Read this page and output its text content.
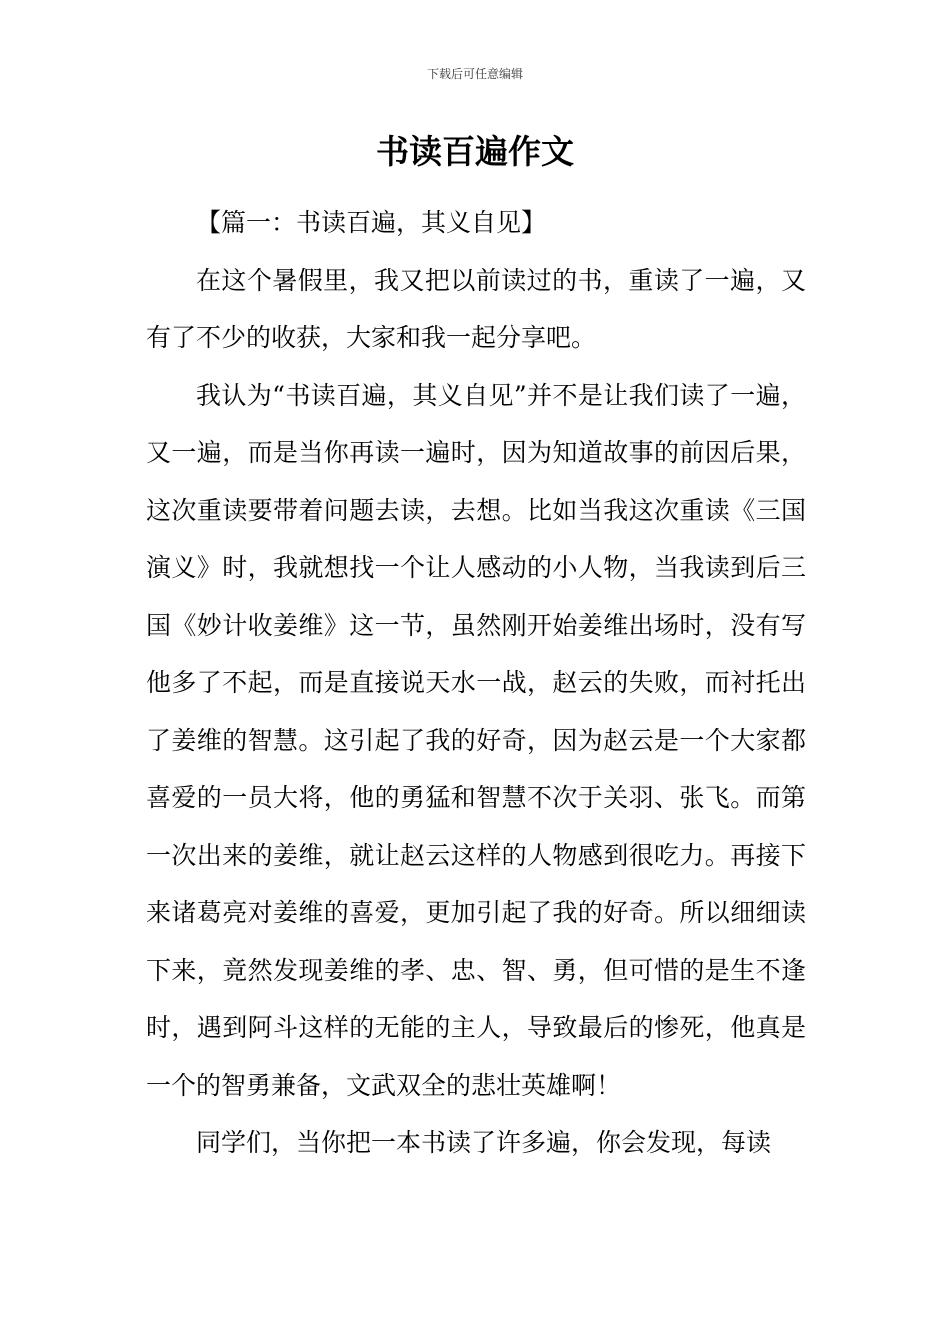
下载后可任意编辑
书读百遍作文

【篇一：书读百遍，其义自见】

在这个暑假里，我又把以前读过的书，重读了一遍，又有了不少的收获，大家和我一起分享吧。

我认为“书读百遍，其义自见”并不是让我们读了一遍，又一遍，而是当你再读一遍时，因为知道故事的前因后果，这次重读要带着问题去读，去想。比如当我这次重读《三国演义》时，我就想找一个让人感动的小人物，当我读到后三国《妙计收姜维》这一节，虽然刚开始姜维出场时，没有写他多了不起，而是直接说天水一战，赵云的失败，而衬托出了姜维的智慧。这引起了我的好奇，因为赵云是一个大家都喜爱的一员大将，他的勇猛和智慧不次于关羽、张飞。而第一次出来的姜维，就让赵云这样的人物感到很吃力。再接下来诸葛亮对姜维的喜爱，更加引起了我的好奇。所以细细读下来，竟然发现姜维的孝、忠、智、勇，但可惜的是生不逢时，遇到阿斗这样的无能的主人，导致最后的惨死，他真是一个的智勇兼备，文武双全的悲壮英雄啊！

同学们，当你把一本书读了许多遍，你会发现，每读
